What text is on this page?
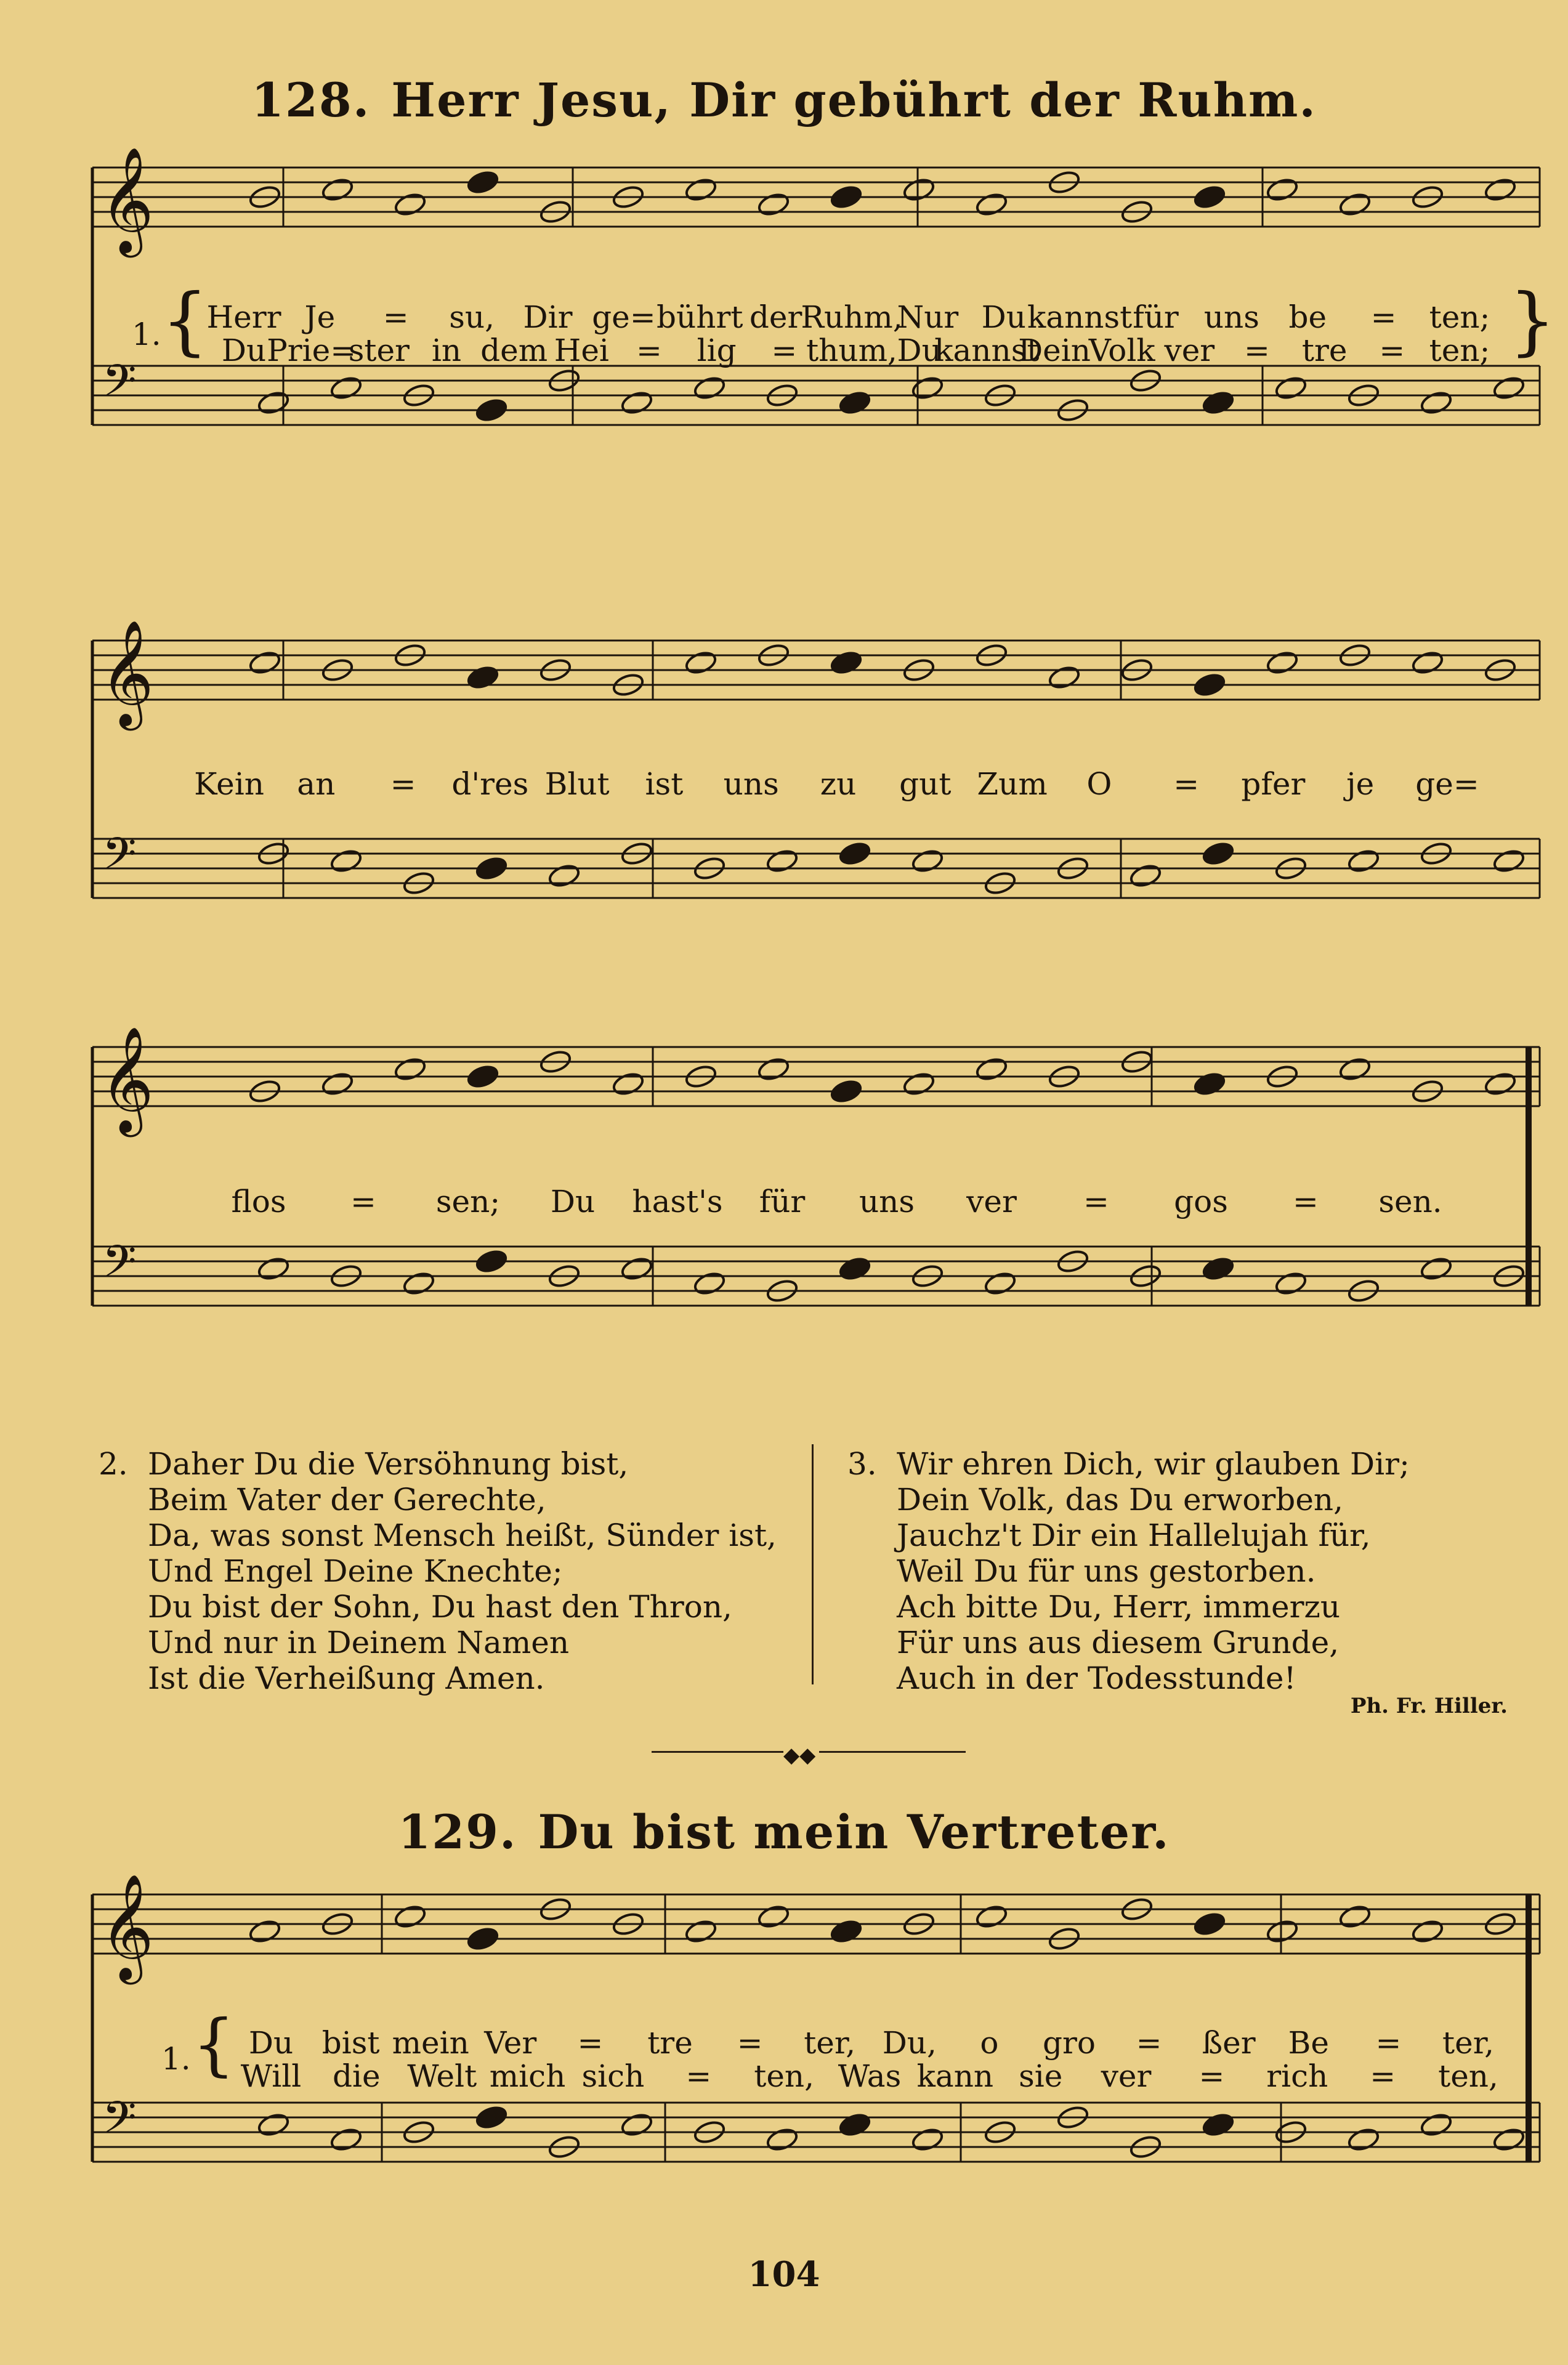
128. Herr Jesu, Dir gebührt der Ruhm.
𝄞
𝄢
𝄞
𝄢
𝄞
𝄢
𝄞
𝄢
1. {	}
Herr Je = su, Dir ge= bührt der
Ruhm,
Nur Du kannst für uns be = ten;
Du Prie=
ster in dem Hei = lig = thum, Du
kannst
Dein
Volk ver = tre = ten;
Kein an = d'res Blut ist uns zu gut Zum O = pfer je ge=
flos = sen; Du hast's für uns ver = gos = sen.
2. Daher Du die Versöhnung bist,
Beim Vater der Gerechte,
Da, was sonst Mensch heißt, Sünder ist,
Und Engel Deine Knechte;
Du bist der Sohn, Du hast den Thron,
Und nur in Deinem Namen
Ist die Verheißung Amen.
3. Wir ehren Dich, wir glauben Dir;
Dein Volk, das Du erworben,
Jauchz't Dir ein Hallelujah für,
Weil Du für uns gestorben.
Ach bitte Du, Herr, immerzu
Für uns aus diesem Grunde,
Auch in der Todesstunde!
Ph. Fr. Hiller.
◆◆
129. Du bist mein Vertreter.
1. { Du bist mein Ver = tre = ter, Du, o gro = ßer Be = ter,
Will die Welt mich sich = ten, Was kann sie ver = rich = ten,
104
